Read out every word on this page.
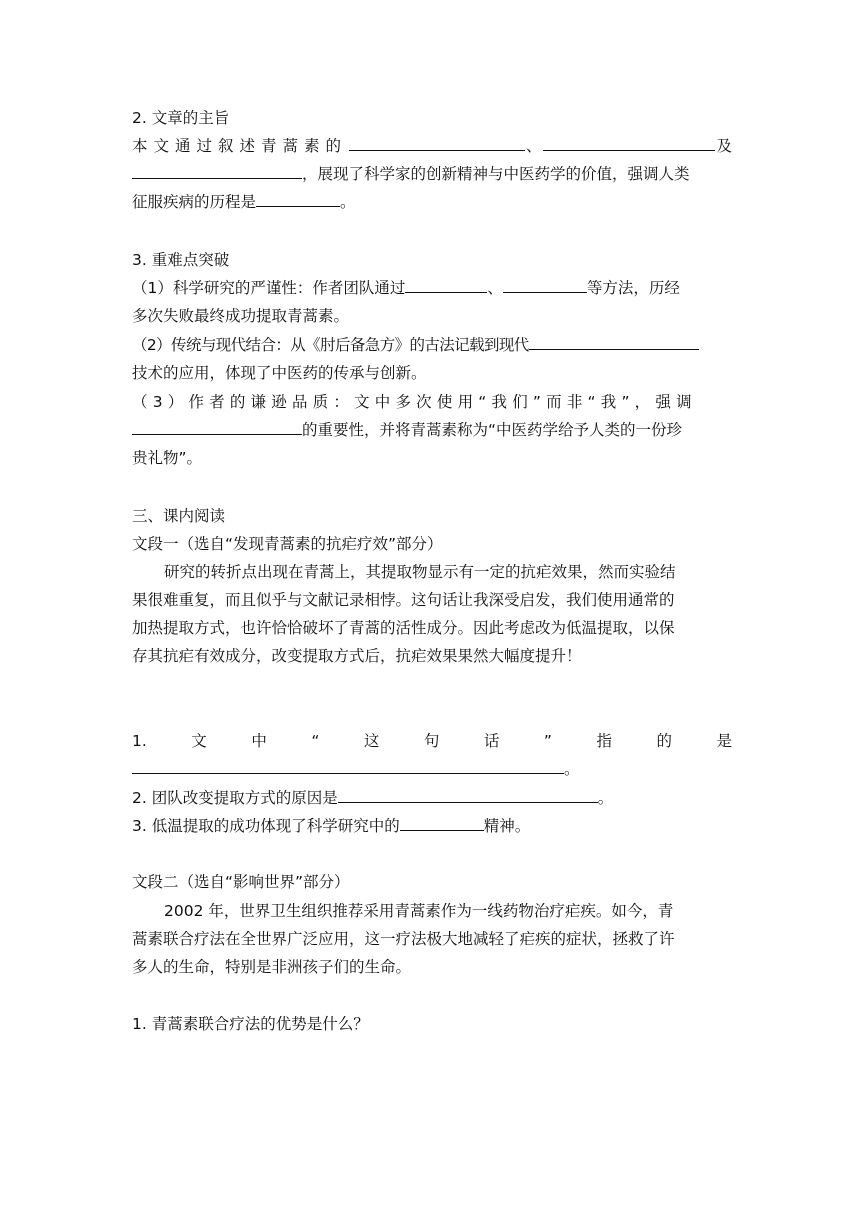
2. 文章的主旨
本文通过叙述青蒿素的	、	及
，展现了科学家的创新精神与中医药学的价值，强调人类
征服疾病的历程是	。
3. 重难点突破
（1）科学研究的严谨性：作者团队通过	、	等方法，历经
多次失败最终成功提取青蒿素。
（2）传统与现代结合：从《肘后备急方》的古法记载到现代
技术的应用，体现了中医药的传承与创新。
（3）作者的谦逊品质：文中多次使用“我们”而非“我”，强调
的重要性，并将青蒿素称为“中医药学给予人类的一份珍
贵礼物”。
三、课内阅读
文段一（选自“发现青蒿素的抗疟疗效”部分）
研究的转折点出现在青蒿上，其提取物显示有一定的抗疟效果，然而实验结
果很难重复，而且似乎与文献记录相悖。这句话让我深受启发，我们使用通常的
加热提取方式，也许恰恰破坏了青蒿的活性成分。因此考虑改为低温提取，以保
存其抗疟有效成分，改变提取方式后，抗疟效果果然大幅度提升！
1.	文	中	“	这	句	话	”	指	的	是
。
2. 团队改变提取方式的原因是	。
3. 低温提取的成功体现了科学研究中的	精神。
文段二（选自“影响世界”部分）
2002 年，世界卫生组织推荐采用青蒿素作为一线药物治疗疟疾。如今，青
蒿素联合疗法在全世界广泛应用，这一疗法极大地减轻了疟疾的症状，拯救了许
多人的生命，特别是非洲孩子们的生命。
1. 青蒿素联合疗法的优势是什么？
